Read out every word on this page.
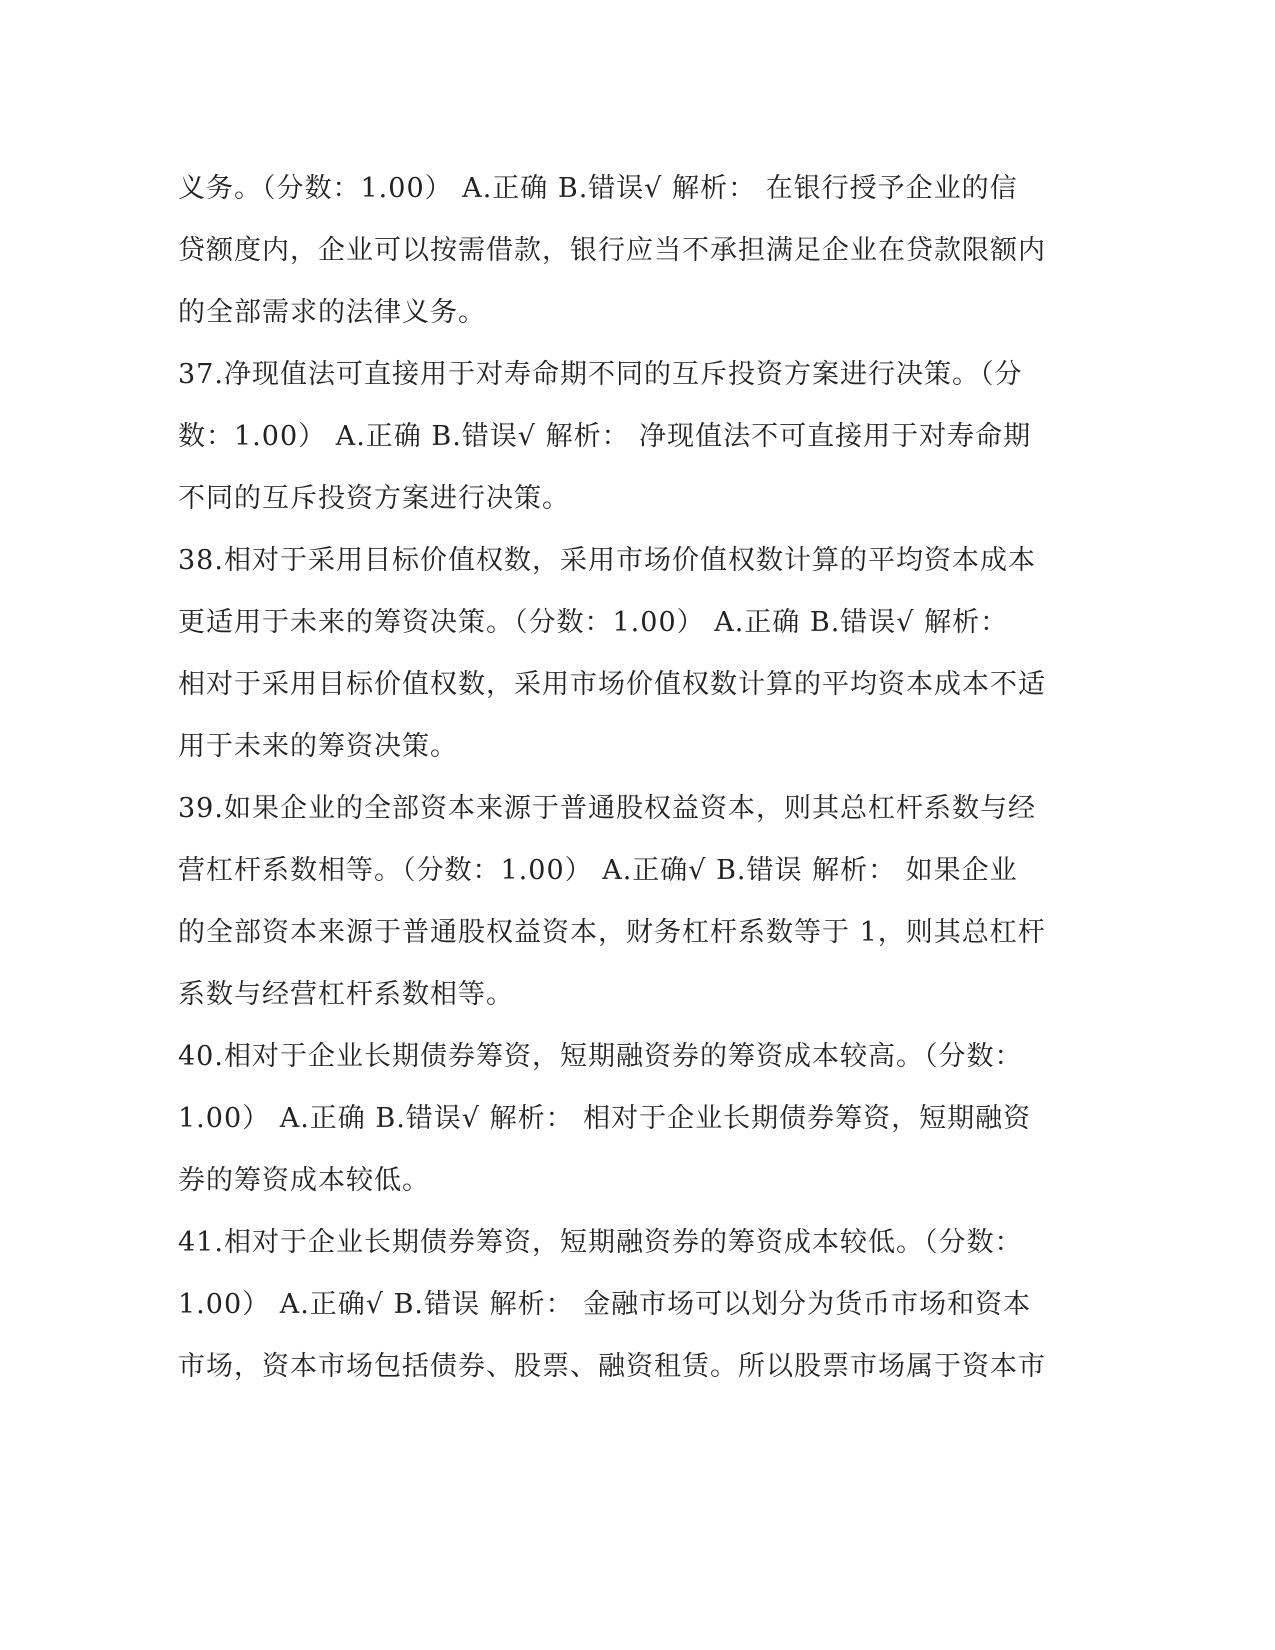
义务。（分数：1.00） A.正确 B.错误√ 解析： 在银行授予企业的信
贷额度内，企业可以按需借款，银行应当不承担满足企业在贷款限额内
的全部需求的法律义务。
37.净现值法可直接用于对寿命期不同的互斥投资方案进行决策。（分
数：1.00） A.正确 B.错误√ 解析： 净现值法不可直接用于对寿命期
不同的互斥投资方案进行决策。
38.相对于采用目标价值权数，采用市场价值权数计算的平均资本成本
更适用于未来的筹资决策。（分数：1.00） A.正确 B.错误√ 解析：
相对于采用目标价值权数，采用市场价值权数计算的平均资本成本不适
用于未来的筹资决策。
39.如果企业的全部资本来源于普通股权益资本，则其总杠杆系数与经
营杠杆系数相等。（分数：1.00） A.正确√ B.错误 解析： 如果企业
的全部资本来源于普通股权益资本，财务杠杆系数等于 1，则其总杠杆
系数与经营杠杆系数相等。
40.相对于企业长期债券筹资，短期融资券的筹资成本较高。（分数：
1.00） A.正确 B.错误√ 解析： 相对于企业长期债券筹资，短期融资
券的筹资成本较低。
41.相对于企业长期债券筹资，短期融资券的筹资成本较低。（分数：
1.00） A.正确√ B.错误 解析： 金融市场可以划分为货币市场和资本
市场，资本市场包括债券、股票、融资租赁。所以股票市场属于资本市
